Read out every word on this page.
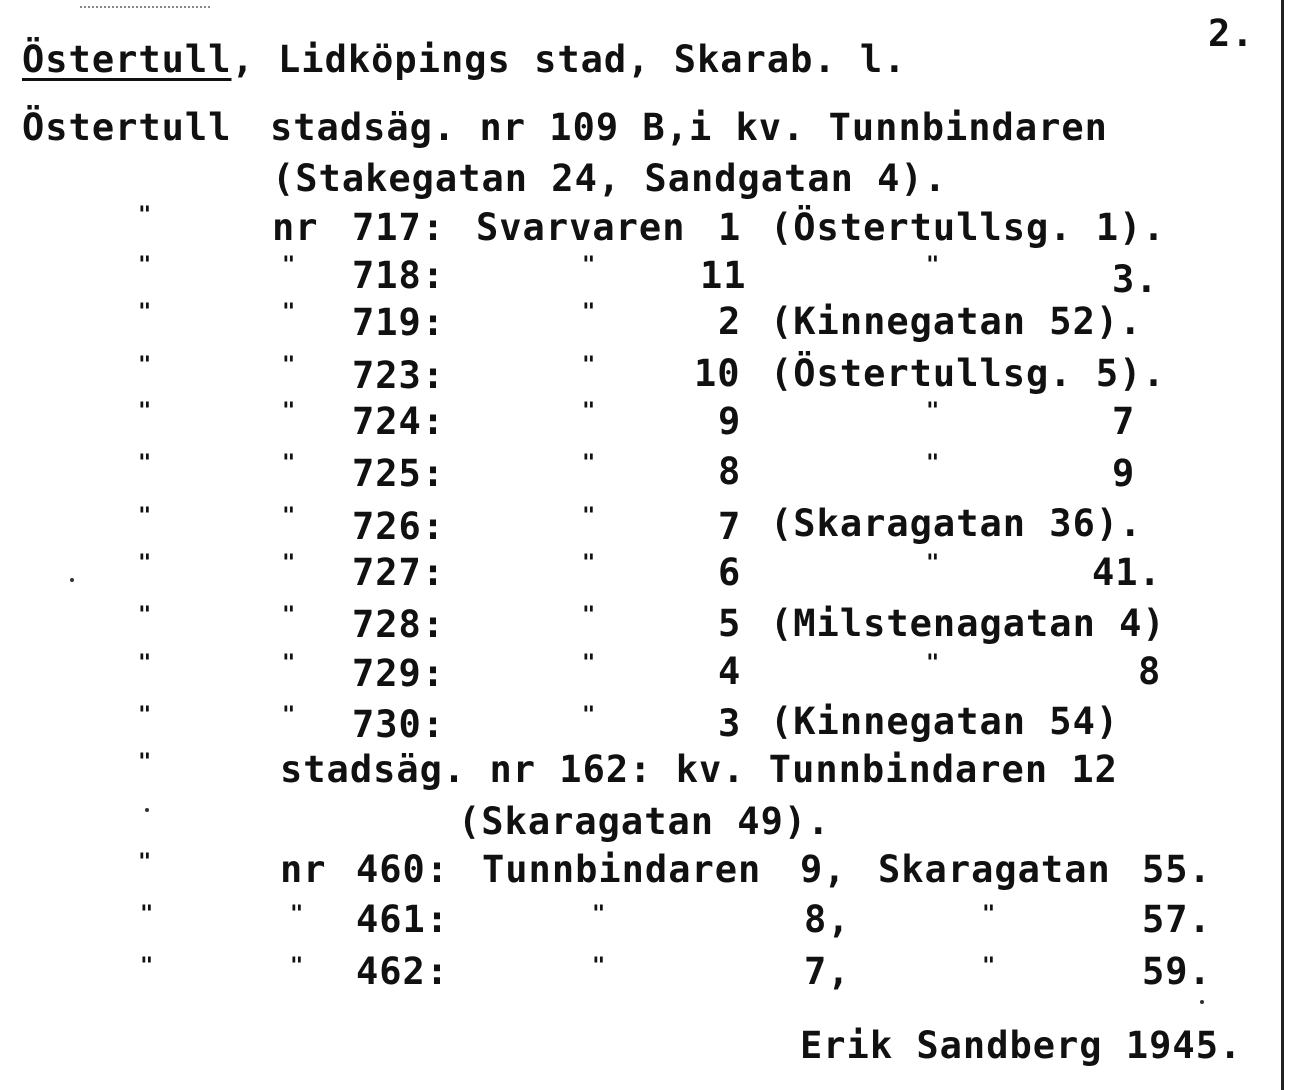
2.
Östertull, Lidköpings stad, Skarab. l.
Östertull stadsäg. nr 109 B,i kv. Tunnbindaren
(Stakegatan 24, Sandgatan 4).
"	nr 717: Svarvaren 1 (Östertullsg. 1).
"	" 718:	"	11	"	3.
"	" 719:	"	2 (Kinnegatan 52).
"	" 723:	"	10 (Östertullsg. 5).
"	" 724:	"	9	"	7
"	" 725:	"	8	"	9
"	" 726:	"	7 (Skaragatan 36).
"	" 727:	"	6	"	41.
"	" 728:	"	5 (Milstenagatan 4)
"	" 729:	"	4	"	8
"	" 730:	"	3 (Kinnegatan 54)
"	stadsäg. nr 162: kv. Tunnbindaren 12
(Skaragatan 49).
"	nr 460: Tunnbindaren 9, Skaragatan 55.
"	" 461:	"	8,	"	57.
"	" 462:	"	7,	"	59.
Erik Sandberg 1945.
